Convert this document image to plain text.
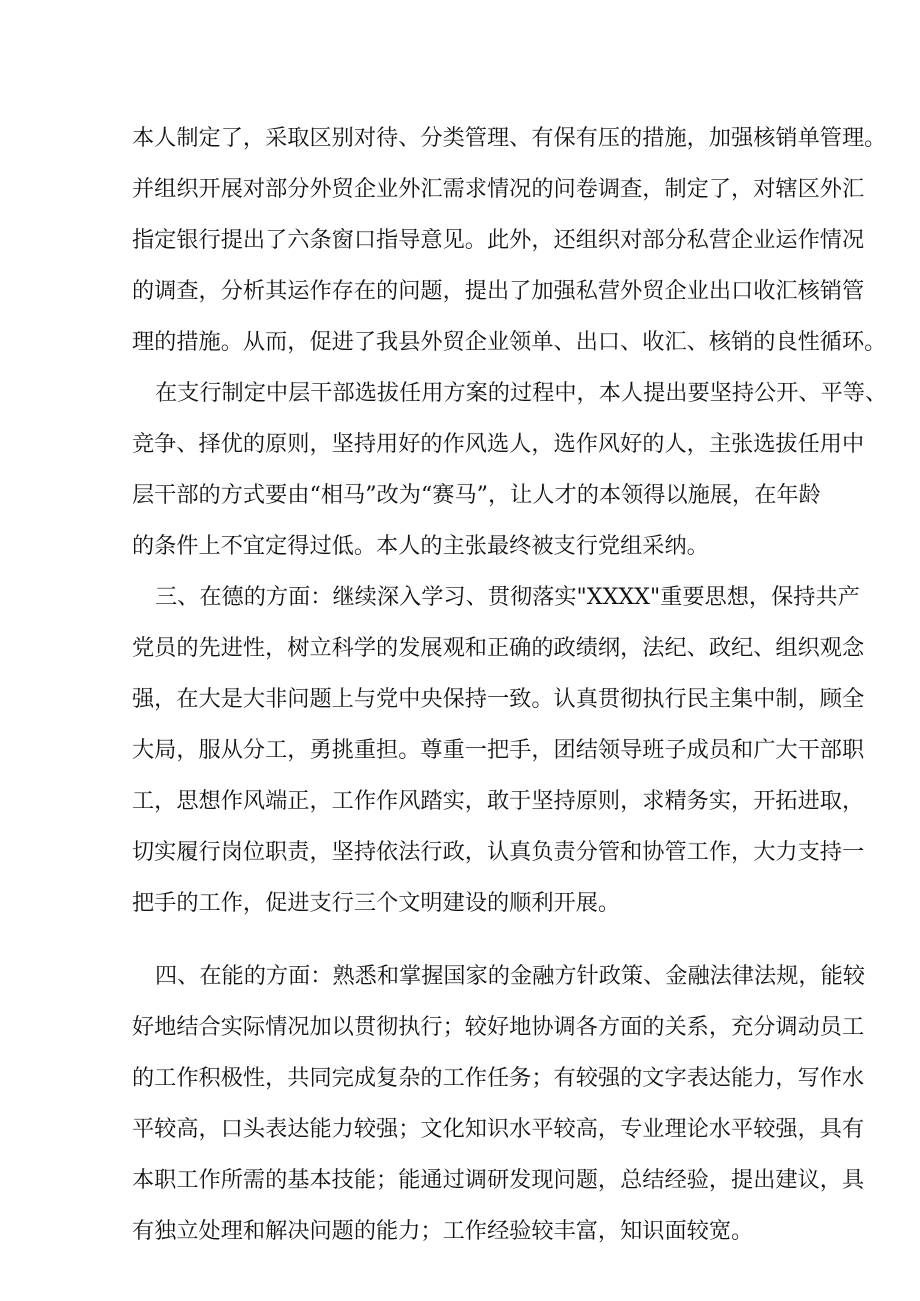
本人制定了，采取区别对待、分类管理、有保有压的措施，加强核销单管理。
并组织开展对部分外贸企业外汇需求情况的问卷调查，制定了，对辖区外汇
指定银行提出了六条窗口指导意见。此外，还组织对部分私营企业运作情况
的调查，分析其运作存在的问题，提出了加强私营外贸企业出口收汇核销管
理的措施。从而，促进了我县外贸企业领单、出口、收汇、核销的良性循环。
在支行制定中层干部选拔任用方案的过程中，本人提出要坚持公开、平等、
竞争、择优的原则，坚持用好的作风选人，选作风好的人，主张选拔任用中
层干部的方式要由“相马”改为“赛马”，让人才的本领得以施展，在年龄
的条件上不宜定得过低。本人的主张最终被支行党组采纳。
三、在德的方面：继续深入学习、贯彻落实"XXXX"重要思想，保持共产
党员的先进性，树立科学的发展观和正确的政绩纲，法纪、政纪、组织观念
强，在大是大非问题上与党中央保持一致。认真贯彻执行民主集中制，顾全
大局，服从分工，勇挑重担。尊重一把手，团结领导班子成员和广大干部职
工，思想作风端正，工作作风踏实，敢于坚持原则，求精务实，开拓进取，
切实履行岗位职责，坚持依法行政，认真负责分管和协管工作，大力支持一
把手的工作，促进支行三个文明建设的顺利开展。
四、在能的方面：熟悉和掌握国家的金融方针政策、金融法律法规，能较
好地结合实际情况加以贯彻执行；较好地协调各方面的关系，充分调动员工
的工作积极性，共同完成复杂的工作任务；有较强的文字表达能力，写作水
平较高，口头表达能力较强；文化知识水平较高，专业理论水平较强，具有
本职工作所需的基本技能；能通过调研发现问题，总结经验，提出建议，具
有独立处理和解决问题的能力；工作经验较丰富，知识面较宽。
